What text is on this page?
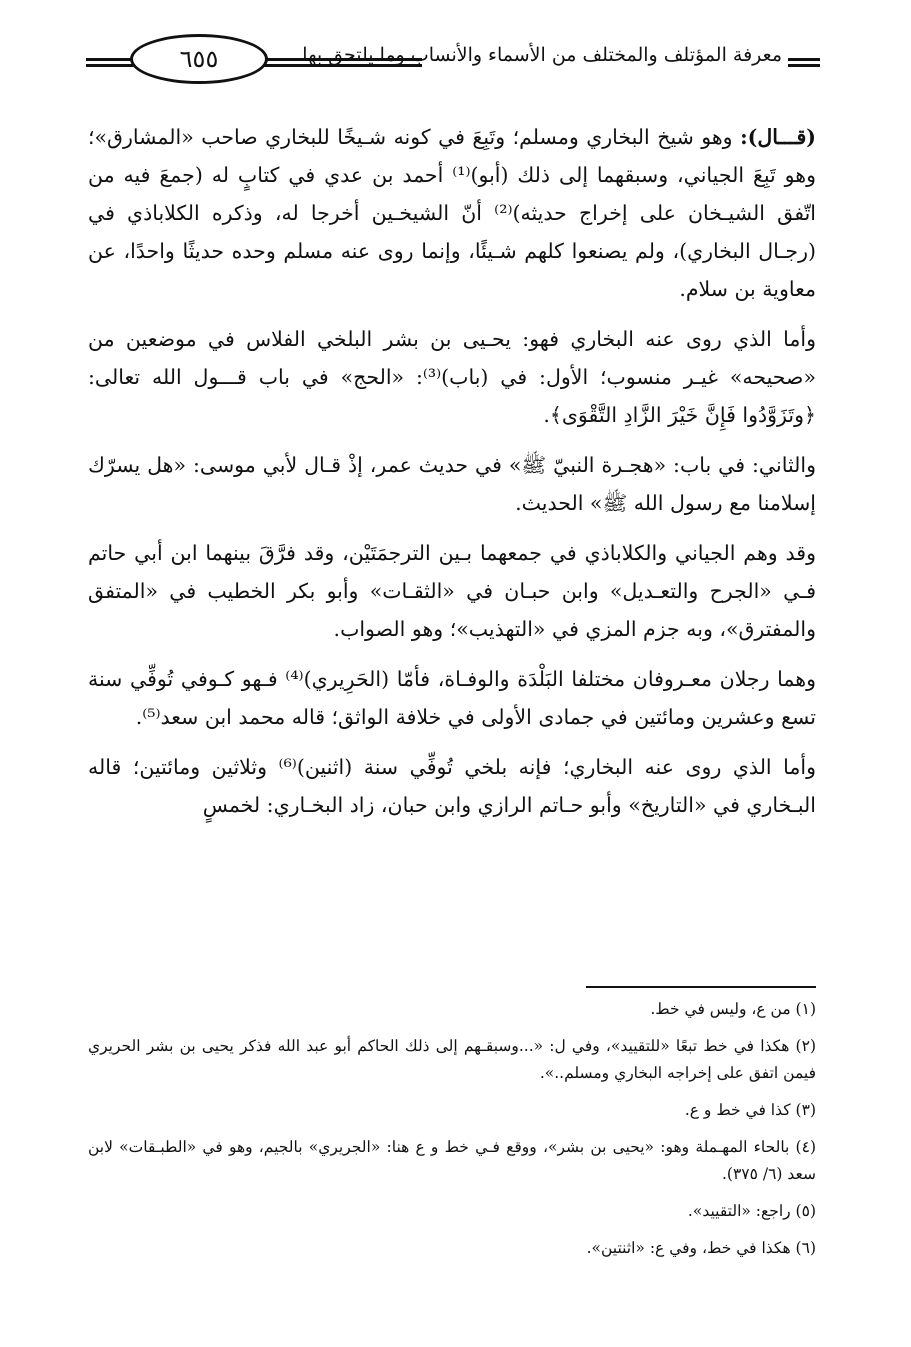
٦٥٥	معرفة المؤتلف والمختلف من الأسماء والأنساب وما يلتحق بها

(قـــال): وهو شيخ البخاري ومسلم؛ وتَبِعَ في كونه شـيخًا للبخاري صاحب «المشارق»؛ وهو تَبِعَ الجياني، وسبقهما إلى ذلك (أبو)⁽¹⁾ أحمد بن عدي في كتابٍ له (جمعَ فيه من اتّفق الشيـخان على إخراج حديثه)⁽²⁾ أنّ الشيخـين أخرجا له، وذكره الكلاباذي في (رجـال البخاري)، ولم يصنعوا كلهم شـيئًا، وإنما روى عنه مسلم وحده حديثًا واحدًا، عن معاوية بن سلام.

وأما الذي روى عنه البخاري فهو: يحـيى بن بشر البلخي الفلاس في موضعين من «صحيحه» غيـر منسوب؛ الأول: في (باب)⁽³⁾: «الحج» في باب قـــول الله تعالى: ﴿وتَزَوَّدُوا فَإِنَّ خَيْرَ الزَّادِ التَّقْوَى﴾.

والثاني: في باب: «هجـرة النبيّ ﷺ» في حديث عمر، إذْ قـال لأبي موسى: «هل يسرّك إسلامنا مع رسول الله ﷺ» الحديث.

وقد وهم الجياني والكلاباذي في جمعهما بـين الترجمَتَيْن، وقد فرَّقَ بينهما ابن أبي حاتم فـي «الجرح والتعـديل» وابن حبـان في «الثقـات» وأبو بكر الخطيب في «المتفق والمفترق»، وبه جزم المزي في «التهذيب»؛ وهو الصواب.

وهما رجلان معـروفان مختلفا البَلْدَة والوفـاة، فأمّا (الحَرِيري)⁽⁴⁾ فـهو كـوفي تُوفِّي سنة تسع وعشرين ومائتين في جمادى الأولى في خلافة الواثق؛ قاله محمد ابن سعد⁽⁵⁾.

وأما الذي روى عنه البخاري؛ فإنه بلخي تُوفِّي سنة (اثنين)⁽⁶⁾ وثلاثين ومائتين؛ قاله البـخاري في «التاريخ» وأبو حـاتم الرازي وابن حبان، زاد البخـاري: لخمسٍ

(١) من ع، وليس في خط.

(٢) هكذا في خط تبعًا «للتقييد»، وفي ل: «...وسبقـهم إلى ذلك الحاكم أبو عبد الله فذكر يحيى بن بشر الحريري فيمن اتفق على إخراجه البخاري ومسلم..».

(٣) كذا في خط و ع.

(٤) بالحاء المهـملة وهو: «يحيى بن بشر»، ووقع فـي خط و ع هنا: «الجريري» بالجيم، وهو في «الطبـقات» لابن سعد (٦/ ٣٧٥).

(٥) راجع: «التقييد».

(٦) هكذا في خط، وفي ع: «اثنتين».
